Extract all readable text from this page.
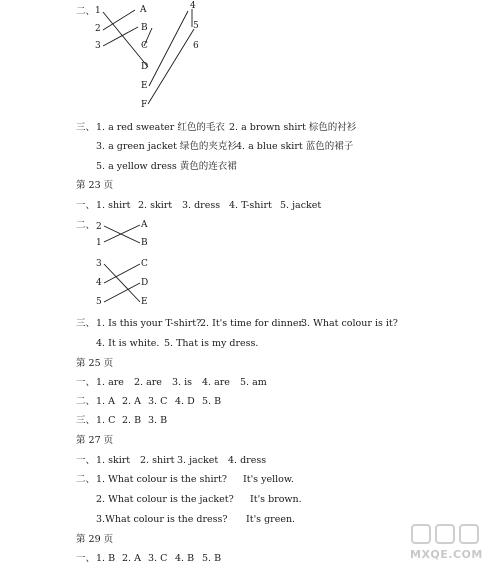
二、 1
2
3
A
B
C
D
E
F
4
5
6
三、 1. a red sweater 红色的毛衣 2. a brown shirt 棕色的衬衫
3. a green jacket 绿色的夹克衫 4. a blue skirt 蓝色的裙子
5. a yellow dress 黄色的连衣裙
第 23 页
一、 1. shirt 2. skirt 3. dress 4. T-shirt 5. jacket
二、
1
2
3
4
5
A
B
C
D
E
三、 1. Is this your T-shirt?
2. It's time for dinner.
3. What colour is it?
4. It is white. 5. That is my dress.
第 25 页
一、 1. are 2. are 3. is 4. are 5. am
二、 1. A 2. A 3. C 4. D 5. B
三、 1. C 2. B 3. B
第 27 页
一、 1. skirt 2. shirt 3. jacket 4. dress
二、 1. What colour is the shirt? It's yellow.
2. What colour is the jacket? It's brown.
3.What colour is the dress? It's green.
第 29 页
一、 1. B 2. A 3. C 4. B 5. B	MXQE.COM
